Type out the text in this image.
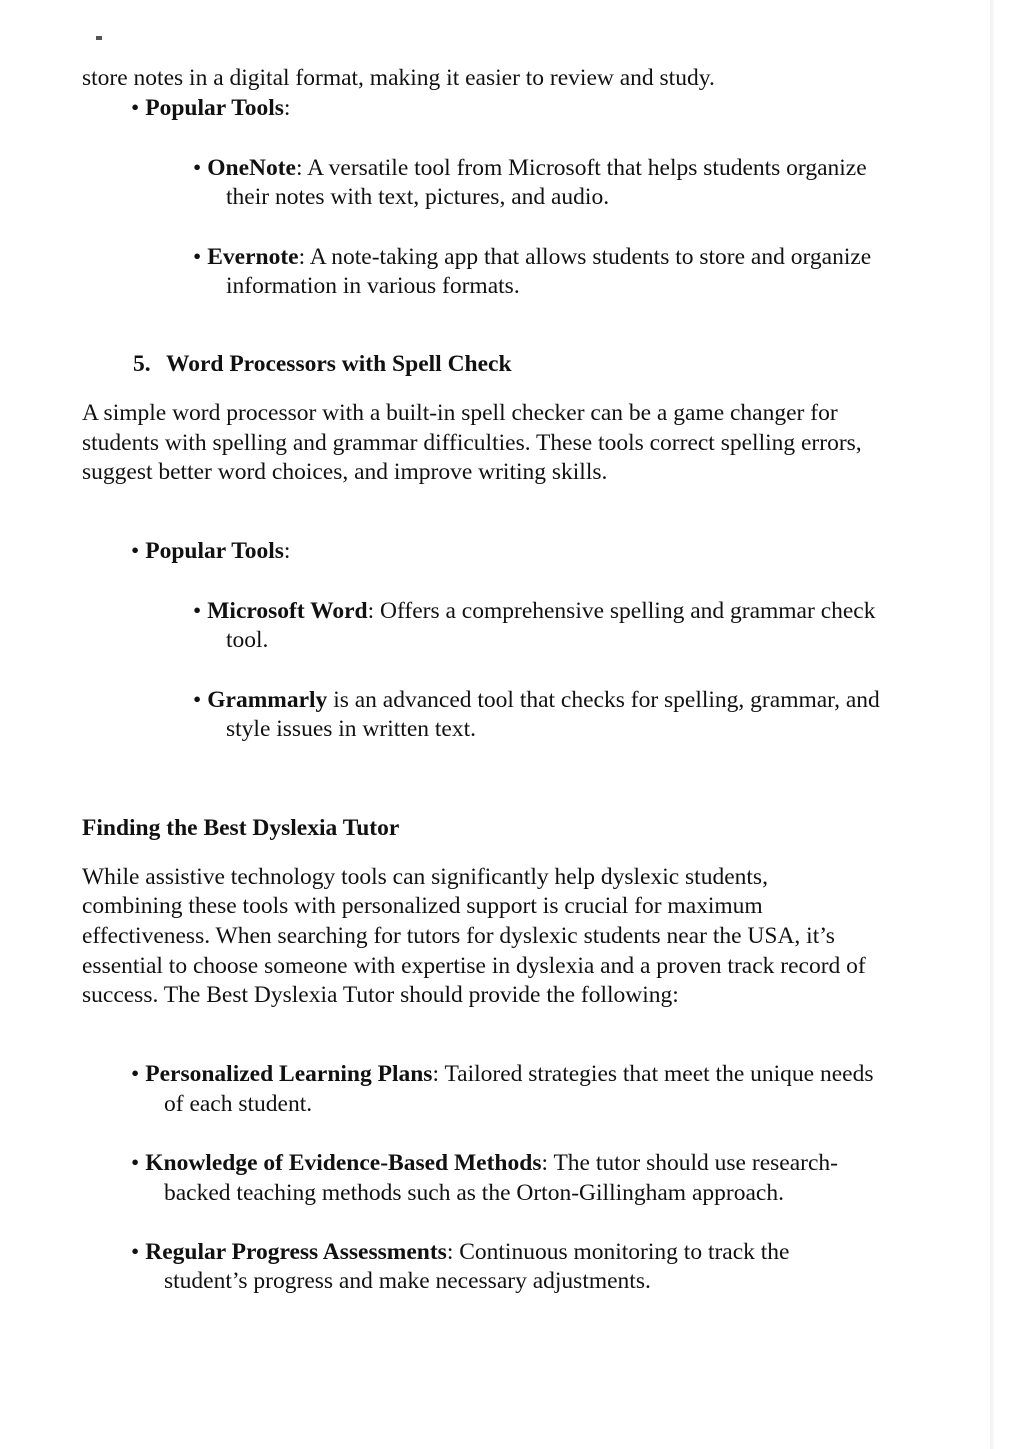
store notes in a digital format, making it easier to review and study.
• Popular Tools:
• OneNote: A versatile tool from Microsoft that helps students organize
their notes with text, pictures, and audio.
• Evernote: A note-taking app that allows students to store and organize
information in various formats.
5. Word Processors with Spell Check
A simple word processor with a built-in spell checker can be a game changer for
students with spelling and grammar difficulties. These tools correct spelling errors,
suggest better word choices, and improve writing skills.
• Popular Tools:
• Microsoft Word: Offers a comprehensive spelling and grammar check
tool.
• Grammarly is an advanced tool that checks for spelling, grammar, and
style issues in written text.
Finding the Best Dyslexia Tutor
While assistive technology tools can significantly help dyslexic students,
combining these tools with personalized support is crucial for maximum
effectiveness. When searching for tutors for dyslexic students near the USA, it’s
essential to choose someone with expertise in dyslexia and a proven track record of
success. The Best Dyslexia Tutor should provide the following:
• Personalized Learning Plans: Tailored strategies that meet the unique needs
of each student.
• Knowledge of Evidence-Based Methods: The tutor should use research-
backed teaching methods such as the Orton-Gillingham approach.
• Regular Progress Assessments: Continuous monitoring to track the
student’s progress and make necessary adjustments.
